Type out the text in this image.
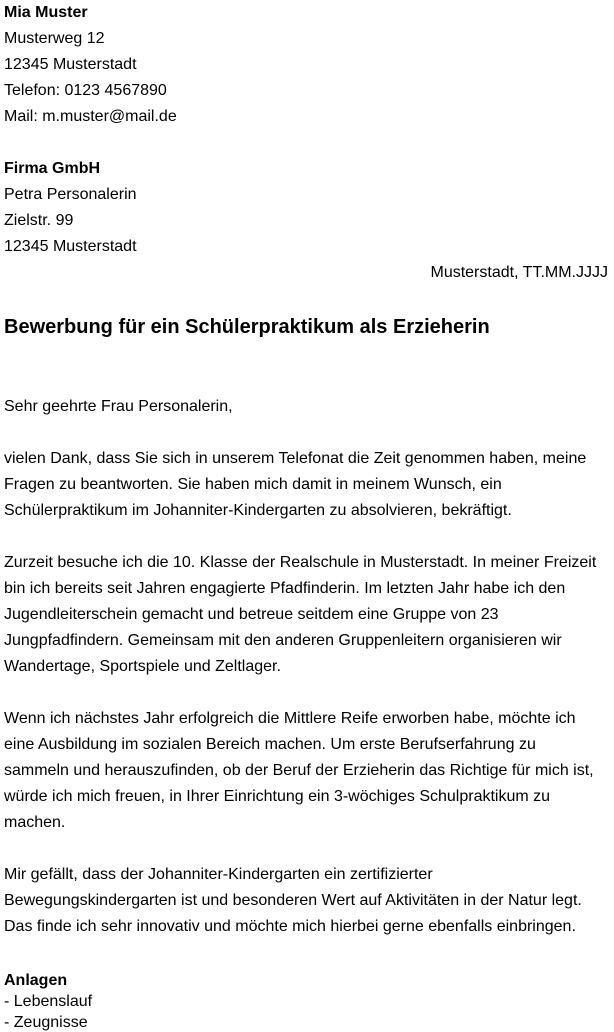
Mia Muster
Musterweg 12
12345 Musterstadt
Telefon: 0123 4567890
Mail: m.muster@mail.de
Firma GmbH
Petra Personalerin
Zielstr. 99
12345 Musterstadt
Musterstadt, TT.MM.JJJJ
Bewerbung für ein Schülerpraktikum als Erzieherin
Sehr geehrte Frau Personalerin,
vielen Dank, dass Sie sich in unserem Telefonat die Zeit genommen haben, meine
Fragen zu beantworten. Sie haben mich damit in meinem Wunsch, ein
Schülerpraktikum im Johanniter-Kindergarten zu absolvieren, bekräftigt.
Zurzeit besuche ich die 10. Klasse der Realschule in Musterstadt. In meiner Freizeit
bin ich bereits seit Jahren engagierte Pfadfinderin. Im letzten Jahr habe ich den
Jugendleiterschein gemacht und betreue seitdem eine Gruppe von 23
Jungpfadfindern. Gemeinsam mit den anderen Gruppenleitern organisieren wir
Wandertage, Sportspiele und Zeltlager.
Wenn ich nächstes Jahr erfolgreich die Mittlere Reife erworben habe, möchte ich
eine Ausbildung im sozialen Bereich machen. Um erste Berufserfahrung zu
sammeln und herauszufinden, ob der Beruf der Erzieherin das Richtige für mich ist,
würde ich mich freuen, in Ihrer Einrichtung ein 3-wöchiges Schulpraktikum zu
machen.
Mir gefällt, dass der Johanniter-Kindergarten ein zertifizierter
Bewegungskindergarten ist und besonderen Wert auf Aktivitäten in der Natur legt.
Das finde ich sehr innovativ und möchte mich hierbei gerne ebenfalls einbringen.
Anlagen
- Lebenslauf
- Zeugnisse
